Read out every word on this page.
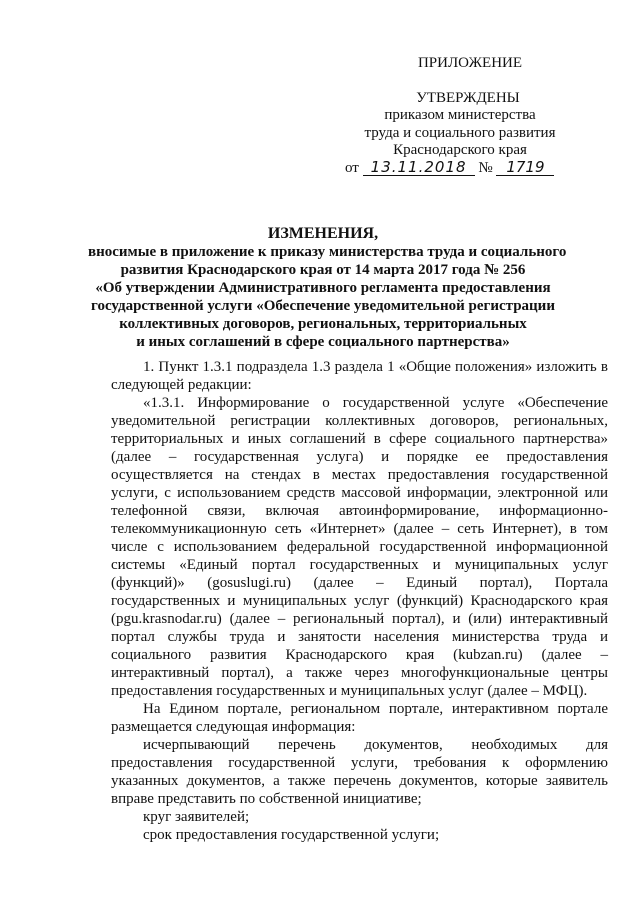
ПРИЛОЖЕНИЕ
УТВЕРЖДЕНЫ
приказом министерства
труда и социального развития
Краснодарского края
от 13.11.2018 № 1719
ИЗМЕНЕНИЯ,
вносимые в приложение к приказу министерства труда и социального
развития Краснодарского края от 14 марта 2017 года № 256
«Об утверждении Административного регламента предоставления
государственной услуги «Обеспечение уведомительной регистрации
коллективных договоров, региональных, территориальных
и иных соглашений в сфере социального партнерства»

1. Пункт 1.3.1 подраздела 1.3 раздела 1 «Общие положения» изложить в следующей редакции:

«1.3.1. Информирование о государственной услуге «Обеспечение уведомительной регистрации коллективных договоров, региональных, территориальных и иных соглашений в сфере социального партнерства» (далее – государственная услуга) и порядке ее предоставления осуществляется на стендах в местах предоставления государственной услуги, с использованием средств массовой информации, электронной или телефонной связи, включая автоинформирование, информационно-телекоммуникационную сеть «Интернет» (далее – сеть Интернет), в том числе с использованием федеральной государственной информационной системы «Единый портал государственных и муниципальных услуг (функций)» (gosuslugi.ru) (далее – Единый портал), Портала государственных и муниципальных услуг (функций) Краснодарского края (pgu.krasnodar.ru) (далее – региональный портал), и (или) интерактивный портал службы труда и занятости населения министерства труда и социального развития Краснодарского края (kubzan.ru) (далее – интерактивный портал), а также через многофункциональные центры предоставления государственных и муниципальных услуг (далее – МФЦ).

На Едином портале, региональном портале, интерактивном портале размещается следующая информация:

исчерпывающий перечень документов, необходимых для предоставления государственной услуги, требования к оформлению указанных документов, а также перечень документов, которые заявитель вправе представить по собственной инициативе;

круг заявителей;

срок предоставления государственной услуги;
